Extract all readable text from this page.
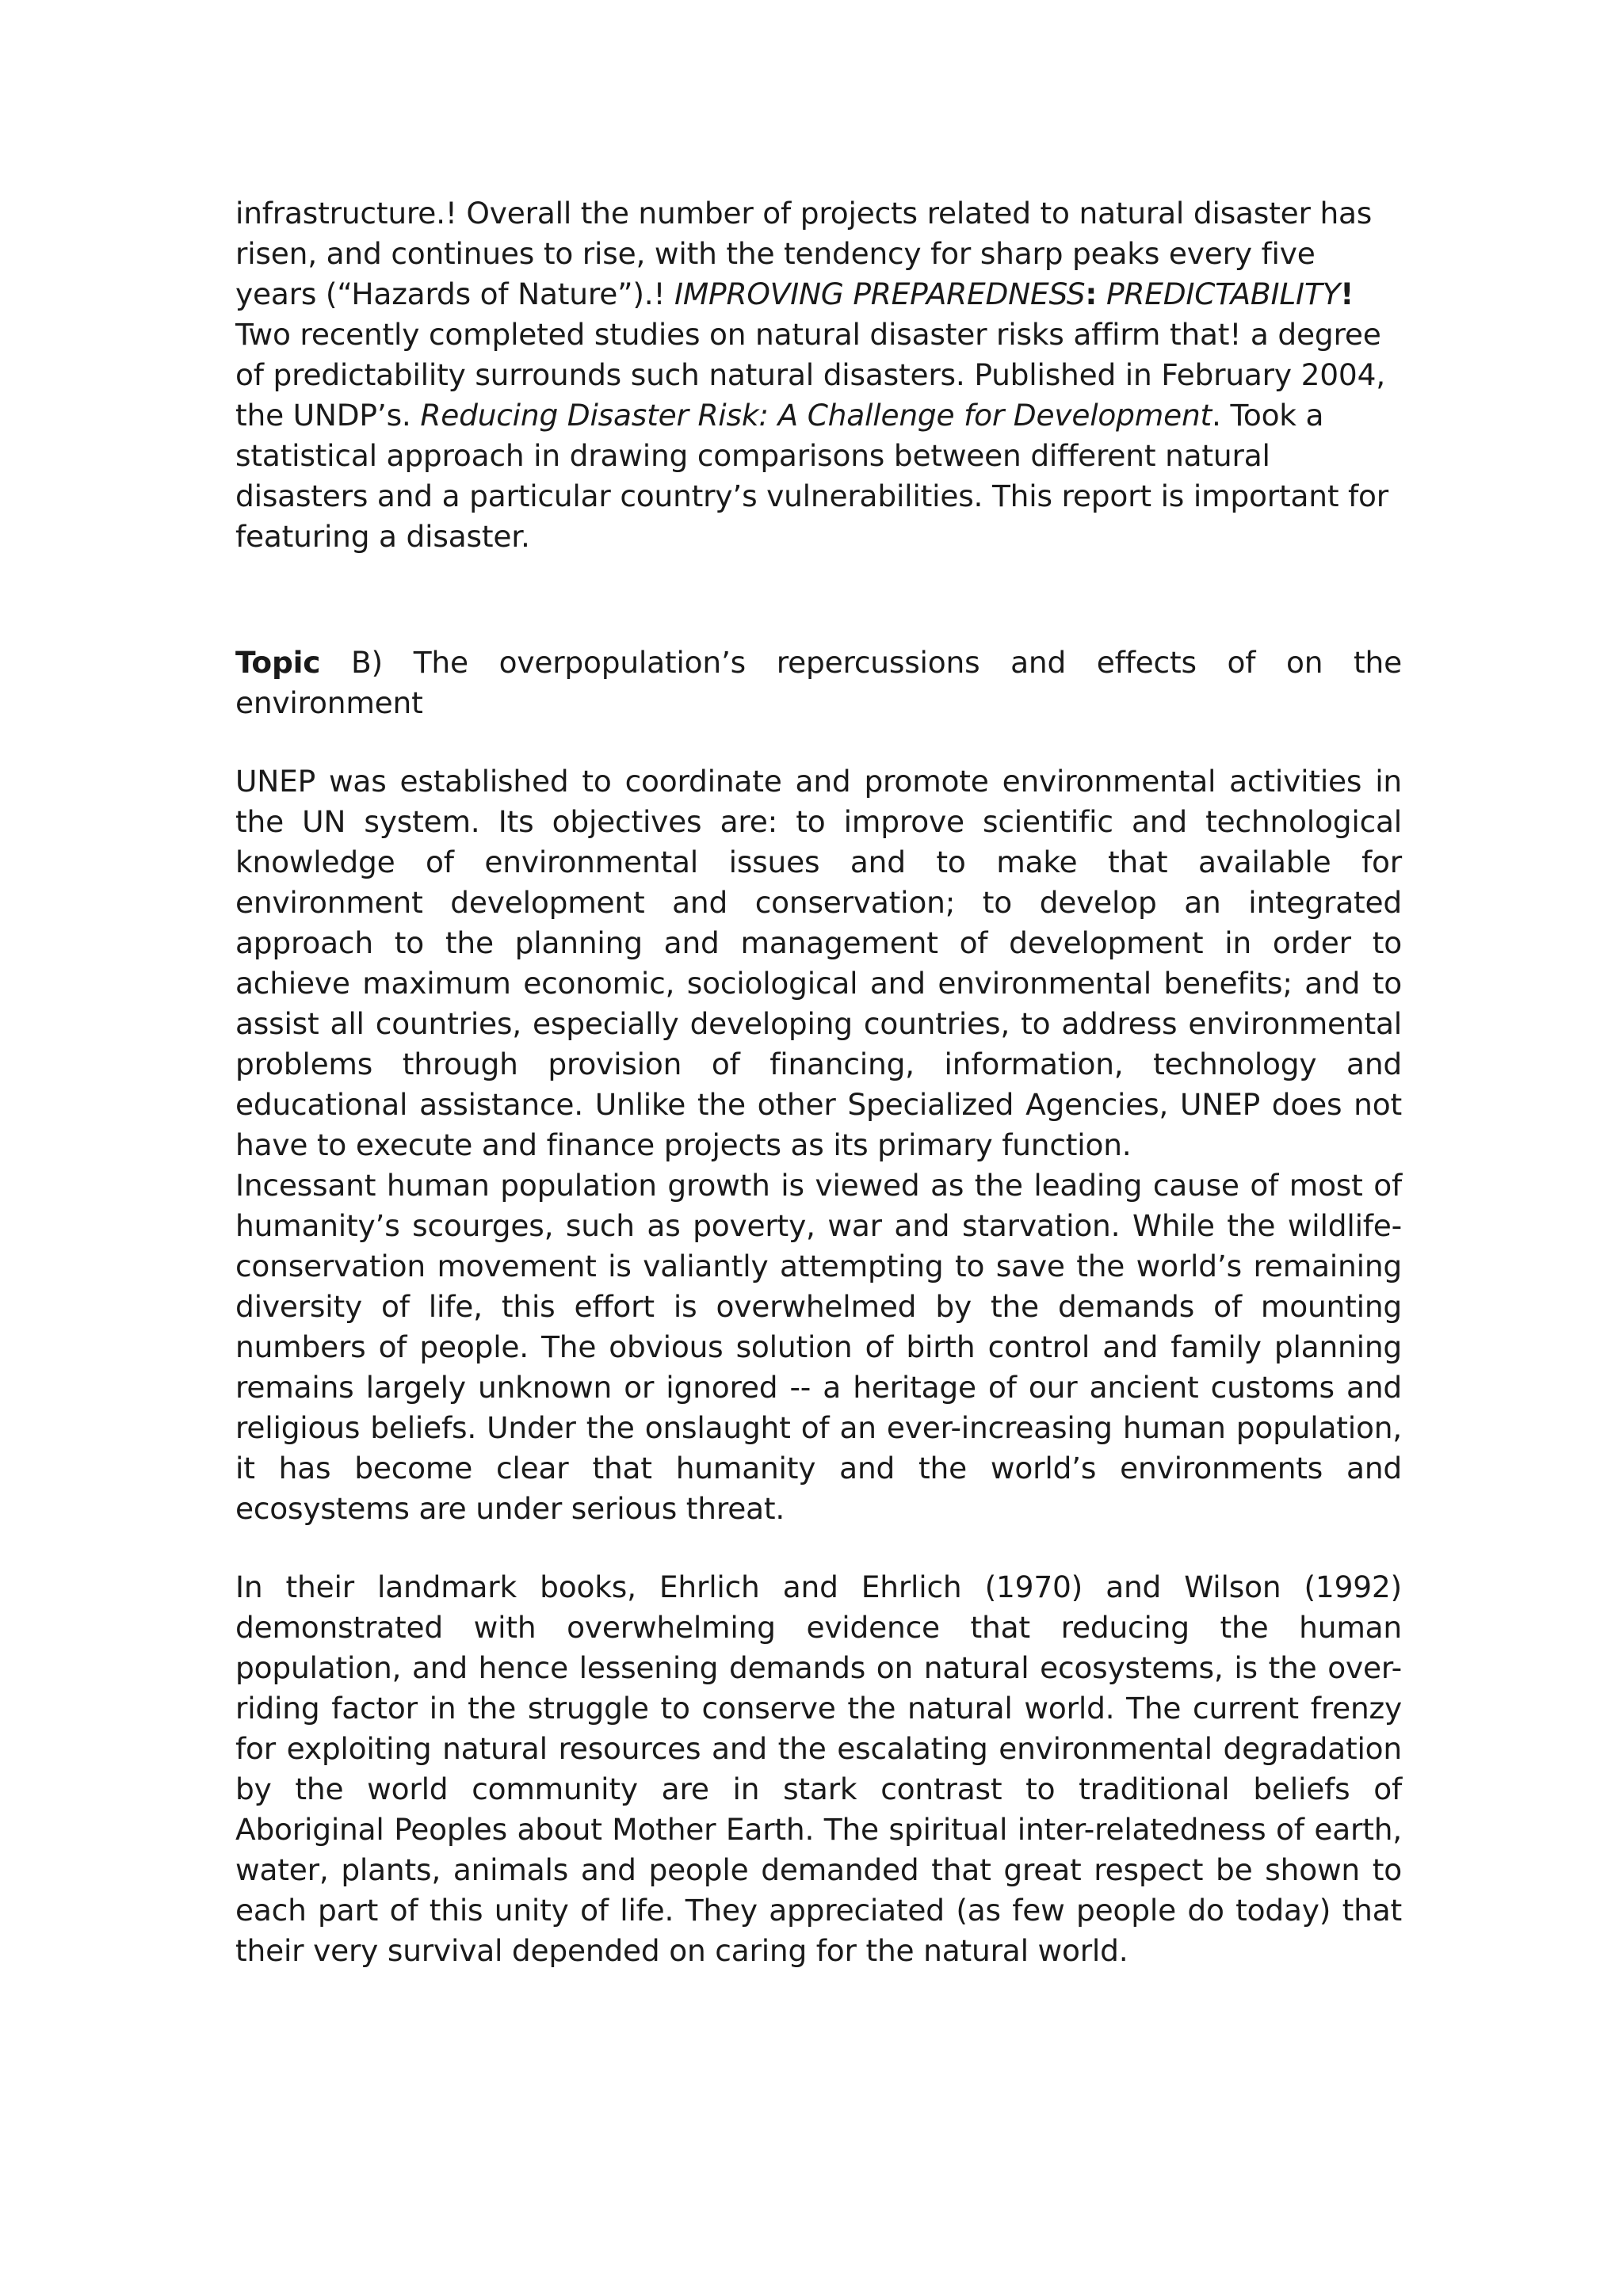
infrastructure.! Overall the number of projects related to natural disaster has risen, and continues to rise, with the tendency for sharp peaks every five years (“Hazards of Nature”).! IMPROVING PREPAREDNESS: PREDICTABILITY! Two recently completed studies on natural disaster risks affirm that! a degree of predictability surrounds such natural disasters. Published in February 2004, the UNDP’s. Reducing Disaster Risk: A Challenge for Development. Took a statistical approach in drawing comparisons between different natural disasters and a particular country’s vulnerabilities. This report is important for featuring a disaster.

Topic B) The overpopulation’s repercussions and effects of on the environment

UNEP was established to coordinate and promote environmental activities in the UN system. Its objectives are: to improve scientific and technological knowledge of environmental issues and to make that available for environment development and conservation; to develop an integrated approach to the planning and management of development in order to achieve maximum economic, sociological and environmental benefits; and to assist all countries, especially developing countries, to address environmental problems through provision of financing, information, technology and educational assistance. Unlike the other Specialized Agencies, UNEP does not have to execute and finance projects as its primary function.

Incessant human population growth is viewed as the leading cause of most of humanity’s scourges, such as poverty, war and starvation. While the wildlife-conservation movement is valiantly attempting to save the world’s remaining diversity of life, this effort is overwhelmed by the demands of mounting numbers of people. The obvious solution of birth control and family planning remains largely unknown or ignored -- a heritage of our ancient customs and religious beliefs. Under the onslaught of an ever-increasing human population, it has become clear that humanity and the world’s environments and ecosystems are under serious threat.

In their landmark books, Ehrlich and Ehrlich (1970) and Wilson (1992) demonstrated with overwhelming evidence that reducing the human population, and hence lessening demands on natural ecosystems, is the over-riding factor in the struggle to conserve the natural world. The current frenzy for exploiting natural resources and the escalating environmental degradation by the world community are in stark contrast to traditional beliefs of Aboriginal Peoples about Mother Earth. The spiritual inter-relatedness of earth, water, plants, animals and people demanded that great respect be shown to each part of this unity of life. They appreciated (as few people do today) that their very survival depended on caring for the natural world.
